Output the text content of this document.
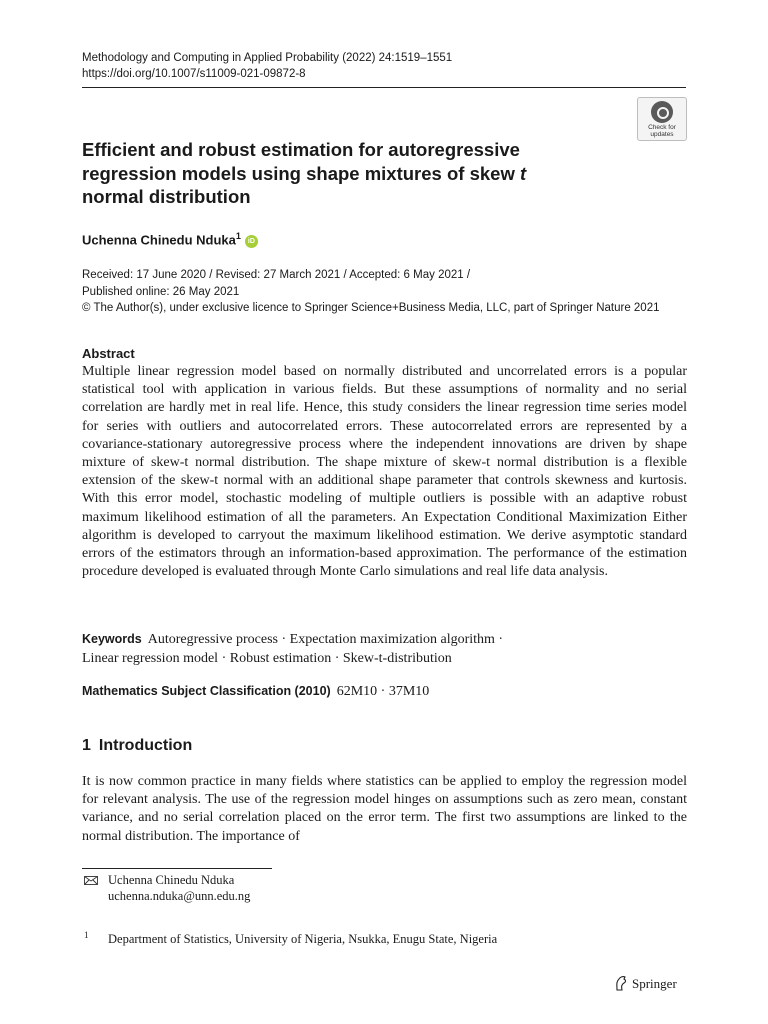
Methodology and Computing in Applied Probability (2022) 24:1519–1551
https://doi.org/10.1007/s11009-021-09872-8
Check for
updates
Efficient and robust estimation for autoregressive
regression models using shape mixtures of skew t
normal distribution
Uchenna Chinedu Nduka$^1$iD
Received: 17 June 2020 / Revised: 27 March 2021 / Accepted: 6 May 2021 /
Published online: 26 May 2021
© The Author(s), under exclusive licence to Springer Science+Business Media, LLC, part of Springer Nature 2021
Abstract
Multiple linear regression model based on normally distributed and uncorrelated errors is a popular statistical tool with application in various fields. But these assumptions of normality and no serial correlation are hardly met in real life. Hence, this study considers the linear regression time series model for series with outliers and autocorrelated errors. These autocorrelated errors are represented by a covariance-stationary autoregressive process where the independent innovations are driven by shape mixture of skew-t normal distribution. The shape mixture of skew-t normal distribution is a flexible extension of the skew-t normal with an additional shape parameter that controls skewness and kurtosis. With this error model, stochastic modeling of multiple outliers is possible with an adaptive robust maximum likelihood estimation of all the parameters. An Expectation Conditional Maximization Either algorithm is developed to carryout the maximum likelihood estimation. We derive asymptotic standard errors of the estimators through an information-based approximation. The performance of the estimation procedure developed is evaluated through Monte Carlo simulations and real life data analysis.
Keywords Autoregressive process · Expectation maximization algorithm ·
Linear regression model · Robust estimation · Skew-t-distribution
Mathematics Subject Classification (2010) 62M10 · 37M10
1 Introduction
It is now common practice in many fields where statistics can be applied to employ the regression model for relevant analysis. The use of the regression model hinges on assumptions such as zero mean, constant variance, and no serial correlation placed on the error term. The first two assumptions are linked to the normal distribution. The importance of
Uchenna Chinedu Nduka
uchenna.nduka@unn.edu.ng
1 Department of Statistics, University of Nigeria, Nsukka, Enugu State, Nigeria
Springer
